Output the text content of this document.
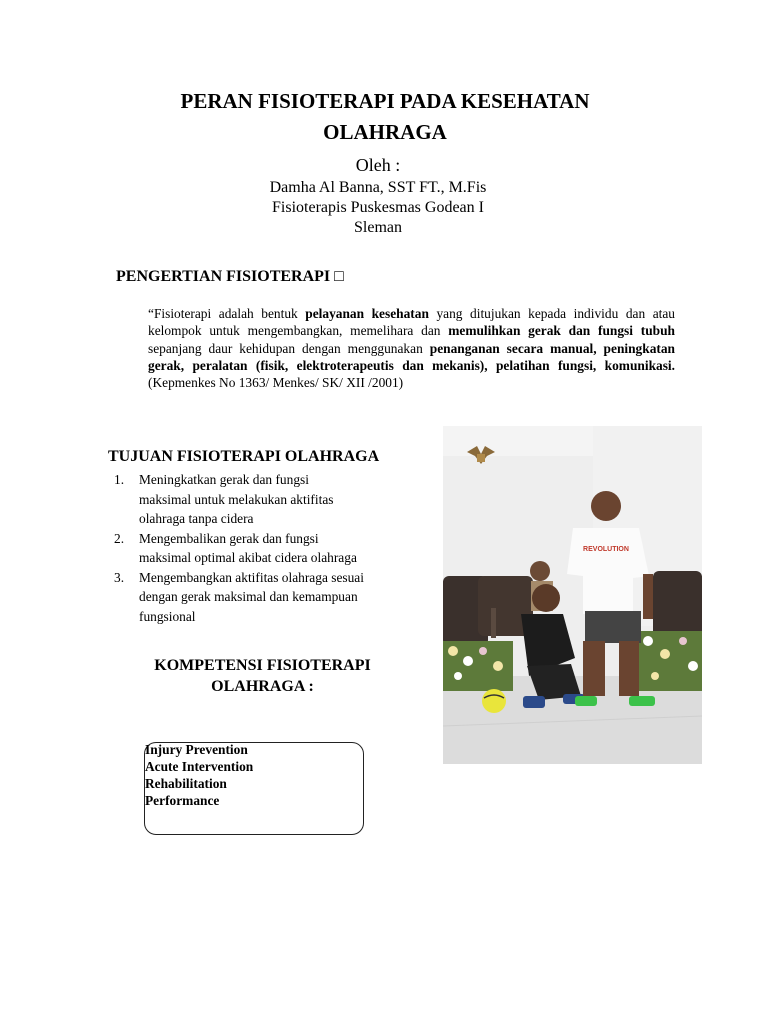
PERAN FISIOTERAPI PADA KESEHATAN
OLAHRAGA
Oleh :
Damha Al Banna, SST FT., M.Fis
Fisioterapis Puskesmas Godean I
Sleman
PENGERTIAN FISIOTERAPI □
“Fisioterapi adalah bentuk pelayanan kesehatan yang ditujukan kepada individu dan atau kelompok untuk mengembangkan, memelihara dan memulihkan gerak dan fungsi tubuh sepanjang daur kehidupan dengan menggunakan penanganan secara manual, peningkatan gerak, peralatan (fisik, elektroterapeutis dan mekanis), pelatihan fungsi, komunikasi. (Kepmenkes No 1363/ Menkes/ SK/ XII /2001)
TUJUAN FISIOTERAPI OLAHRAGA
1.	Meningkatkan gerak dan fungsi
maksimal untuk melakukan aktifitas
olahraga tanpa cidera
2.	Mengembalikan gerak dan fungsi
maksimal optimal akibat cidera olahraga
3.	Mengembangkan aktifitas olahraga sesuai
dengan gerak maksimal dan kemampuan
fungsional
KOMPETENSI FISIOTERAPI
OLAHRAGA :
Injury Prevention
Acute Intervention
Rehabilitation
Performance
REVOLUTION
